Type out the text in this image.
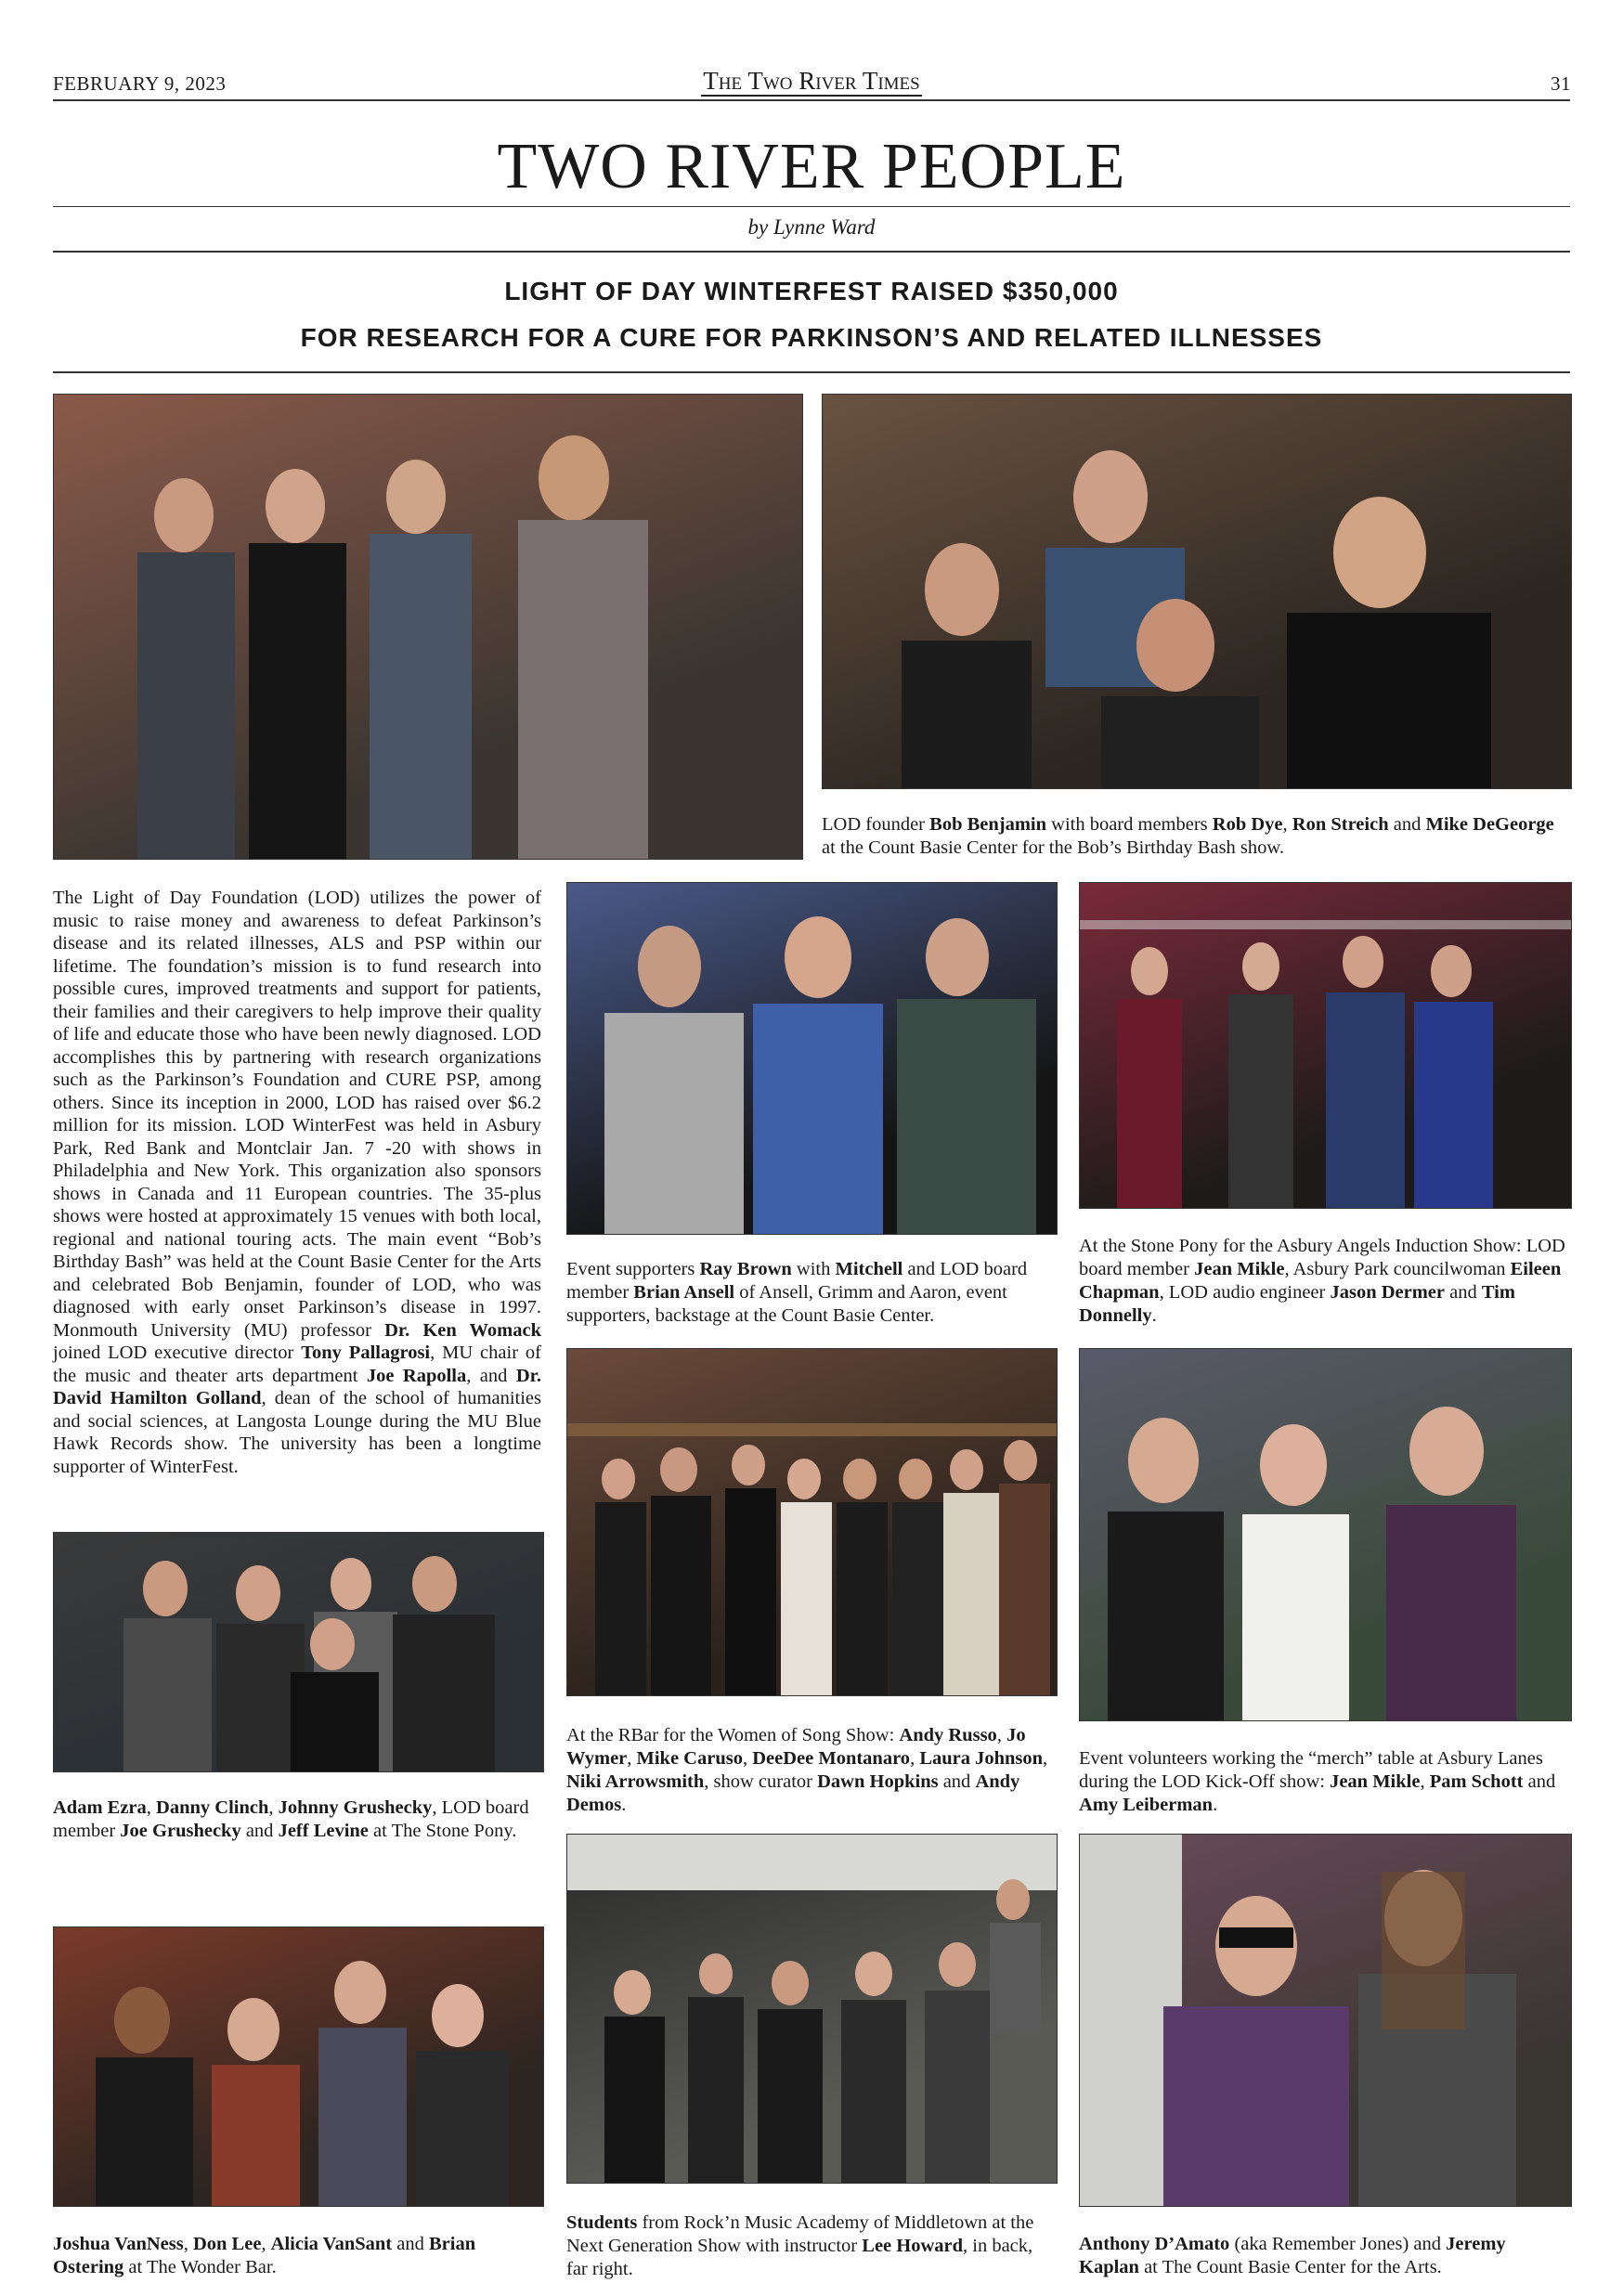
FEBRUARY 9, 2023	The Two River Times	31
TWO RIVER PEOPLE
by Lynne Ward
LIGHT OF DAY WINTERFEST RAISED $350,000
FOR RESEARCH FOR A CURE FOR PARKINSON’S AND RELATED ILLNESSES
LOD founder Bob Benjamin with board members Rob Dye, Ron Streich and Mike DeGeorge at the Count Basie Center for the Bob’s Birthday Bash show.
The Light of Day Foundation (LOD) utilizes the power of music to raise money and awareness to defeat Parkinson’s disease and its related illnesses, ALS and PSP within our lifetime. The foundation’s mission is to fund research into possible cures, improved treatments and support for patients, their families and their caregivers to help improve their quality of life and educate those who have been newly diagnosed. LOD accomplishes this by partnering with research organizations such as the Parkinson’s Foundation and CURE PSP, among others. Since its inception in 2000, LOD has raised over $6.2 million for its mission. LOD WinterFest was held in Asbury Park, Red Bank and Montclair Jan. 7 -20 with shows in Philadelphia and New York. This organization also sponsors shows in Canada and 11 European countries. The 35-plus shows were hosted at approximately 15 venues with both local, regional and national touring acts. The main event “Bob’s Birthday Bash” was held at the Count Basie Center for the Arts and celebrated Bob Benjamin, founder of LOD, who was diagnosed with early onset Parkinson’s disease in 1997. Monmouth University (MU) professor Dr. Ken Womack joined LOD executive director Tony Pallagrosi, MU chair of the music and theater arts department Joe Rapolla, and Dr. David Hamilton Golland, dean of the school of humanities and social sciences, at Langosta Lounge during the MU Blue Hawk Records show. The university has been a longtime supporter of WinterFest.
Event supporters Ray Brown with Mitchell and LOD board member Brian Ansell of Ansell, Grimm and Aaron, event supporters, backstage at the Count Basie Center.
At the Stone Pony for the Asbury Angels Induction Show: LOD board member Jean Mikle, Asbury Park councilwoman Eileen Chapman, LOD audio engineer Jason Dermer and Tim Donnelly.
At the RBar for the Women of Song Show: Andy Russo, Jo Wymer, Mike Caruso, DeeDee Montanaro, Laura Johnson, Niki Arrowsmith, show curator Dawn Hopkins and Andy Demos.
Event volunteers working the “merch” table at Asbury Lanes during the LOD Kick-Off show: Jean Mikle, Pam Schott and Amy Leiberman.
Adam Ezra, Danny Clinch, Johnny Grushecky, LOD board member Joe Grushecky and Jeff Levine at The Stone Pony.
Joshua VanNess, Don Lee, Alicia VanSant and Brian Ostering at The Wonder Bar.
Students from Rock’n Music Academy of Middletown at the Next Generation Show with instructor Lee Howard, in back, far right.
Anthony D’Amato (aka Remember Jones) and Jeremy Kaplan at The Count Basie Center for the Arts.
